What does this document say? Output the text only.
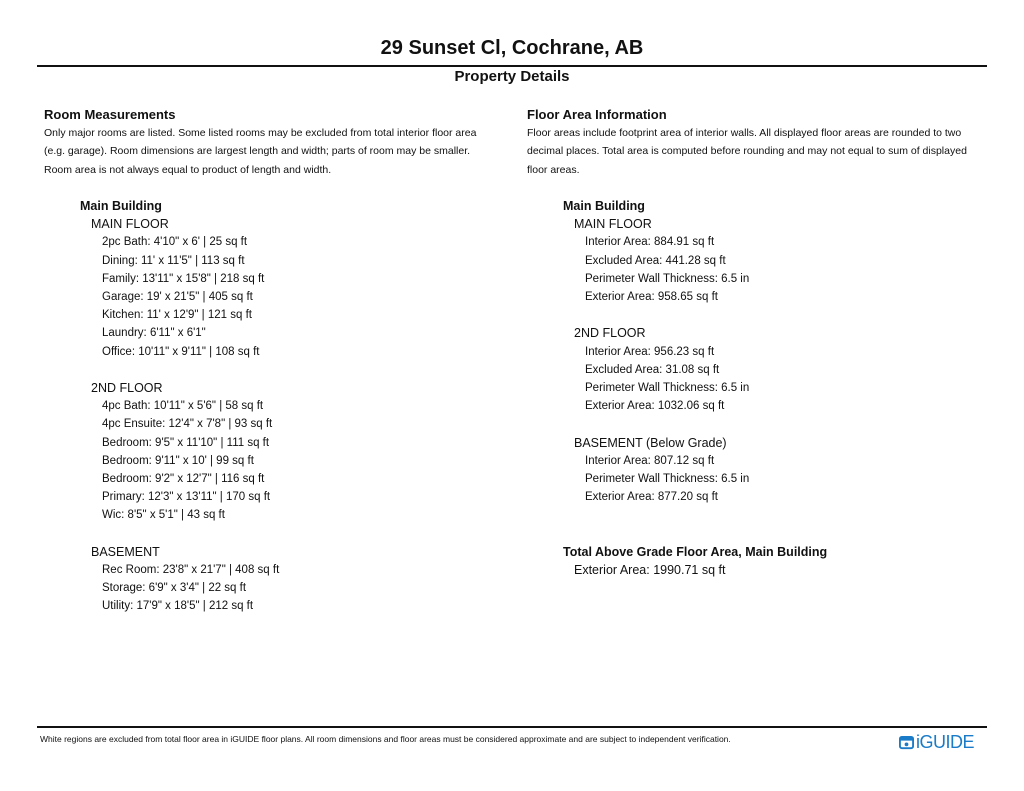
29 Sunset Cl, Cochrane, AB
Property Details
Room Measurements
Only major rooms are listed. Some listed rooms may be excluded from total interior floor area
(e.g. garage). Room dimensions are largest length and width; parts of room may be smaller.
Room area is not always equal to product of length and width.
Floor Area Information
Floor areas include footprint area of interior walls. All displayed floor areas are rounded to two
decimal places. Total area is computed before rounding and may not equal to sum of displayed
floor areas.
Main Building
MAIN FLOOR
2pc Bath: 4'10" x 6' | 25 sq ft
Dining: 11' x 11'5" | 113 sq ft
Family: 13'11" x 15'8" | 218 sq ft
Garage: 19' x 21'5" | 405 sq ft
Kitchen: 11' x 12'9" | 121 sq ft
Laundry: 6'11" x 6'1"
Office: 10'11" x 9'11" | 108 sq ft
2ND FLOOR
4pc Bath: 10'11" x 5'6" | 58 sq ft
4pc Ensuite: 12'4" x 7'8" | 93 sq ft
Bedroom: 9'5" x 11'10" | 111 sq ft
Bedroom: 9'11" x 10' | 99 sq ft
Bedroom: 9'2" x 12'7" | 116 sq ft
Primary: 12'3" x 13'11" | 170 sq ft
Wic: 8'5" x 5'1" | 43 sq ft
BASEMENT
Rec Room: 23'8" x 21'7" | 408 sq ft
Storage: 6'9" x 3'4" | 22 sq ft
Utility: 17'9" x 18'5" | 212 sq ft
Main Building
MAIN FLOOR
Interior Area: 884.91 sq ft
Excluded Area: 441.28 sq ft
Perimeter Wall Thickness: 6.5 in
Exterior Area: 958.65 sq ft
2ND FLOOR
Interior Area: 956.23 sq ft
Excluded Area: 31.08 sq ft
Perimeter Wall Thickness: 6.5 in
Exterior Area: 1032.06 sq ft
BASEMENT (Below Grade)
Interior Area: 807.12 sq ft
Perimeter Wall Thickness: 6.5 in
Exterior Area: 877.20 sq ft
Total Above Grade Floor Area, Main Building
Exterior Area: 1990.71 sq ft
White regions are excluded from total floor area in iGUIDE floor plans. All room dimensions and floor areas must be considered approximate and are subject to independent verification.	iGUIDE
